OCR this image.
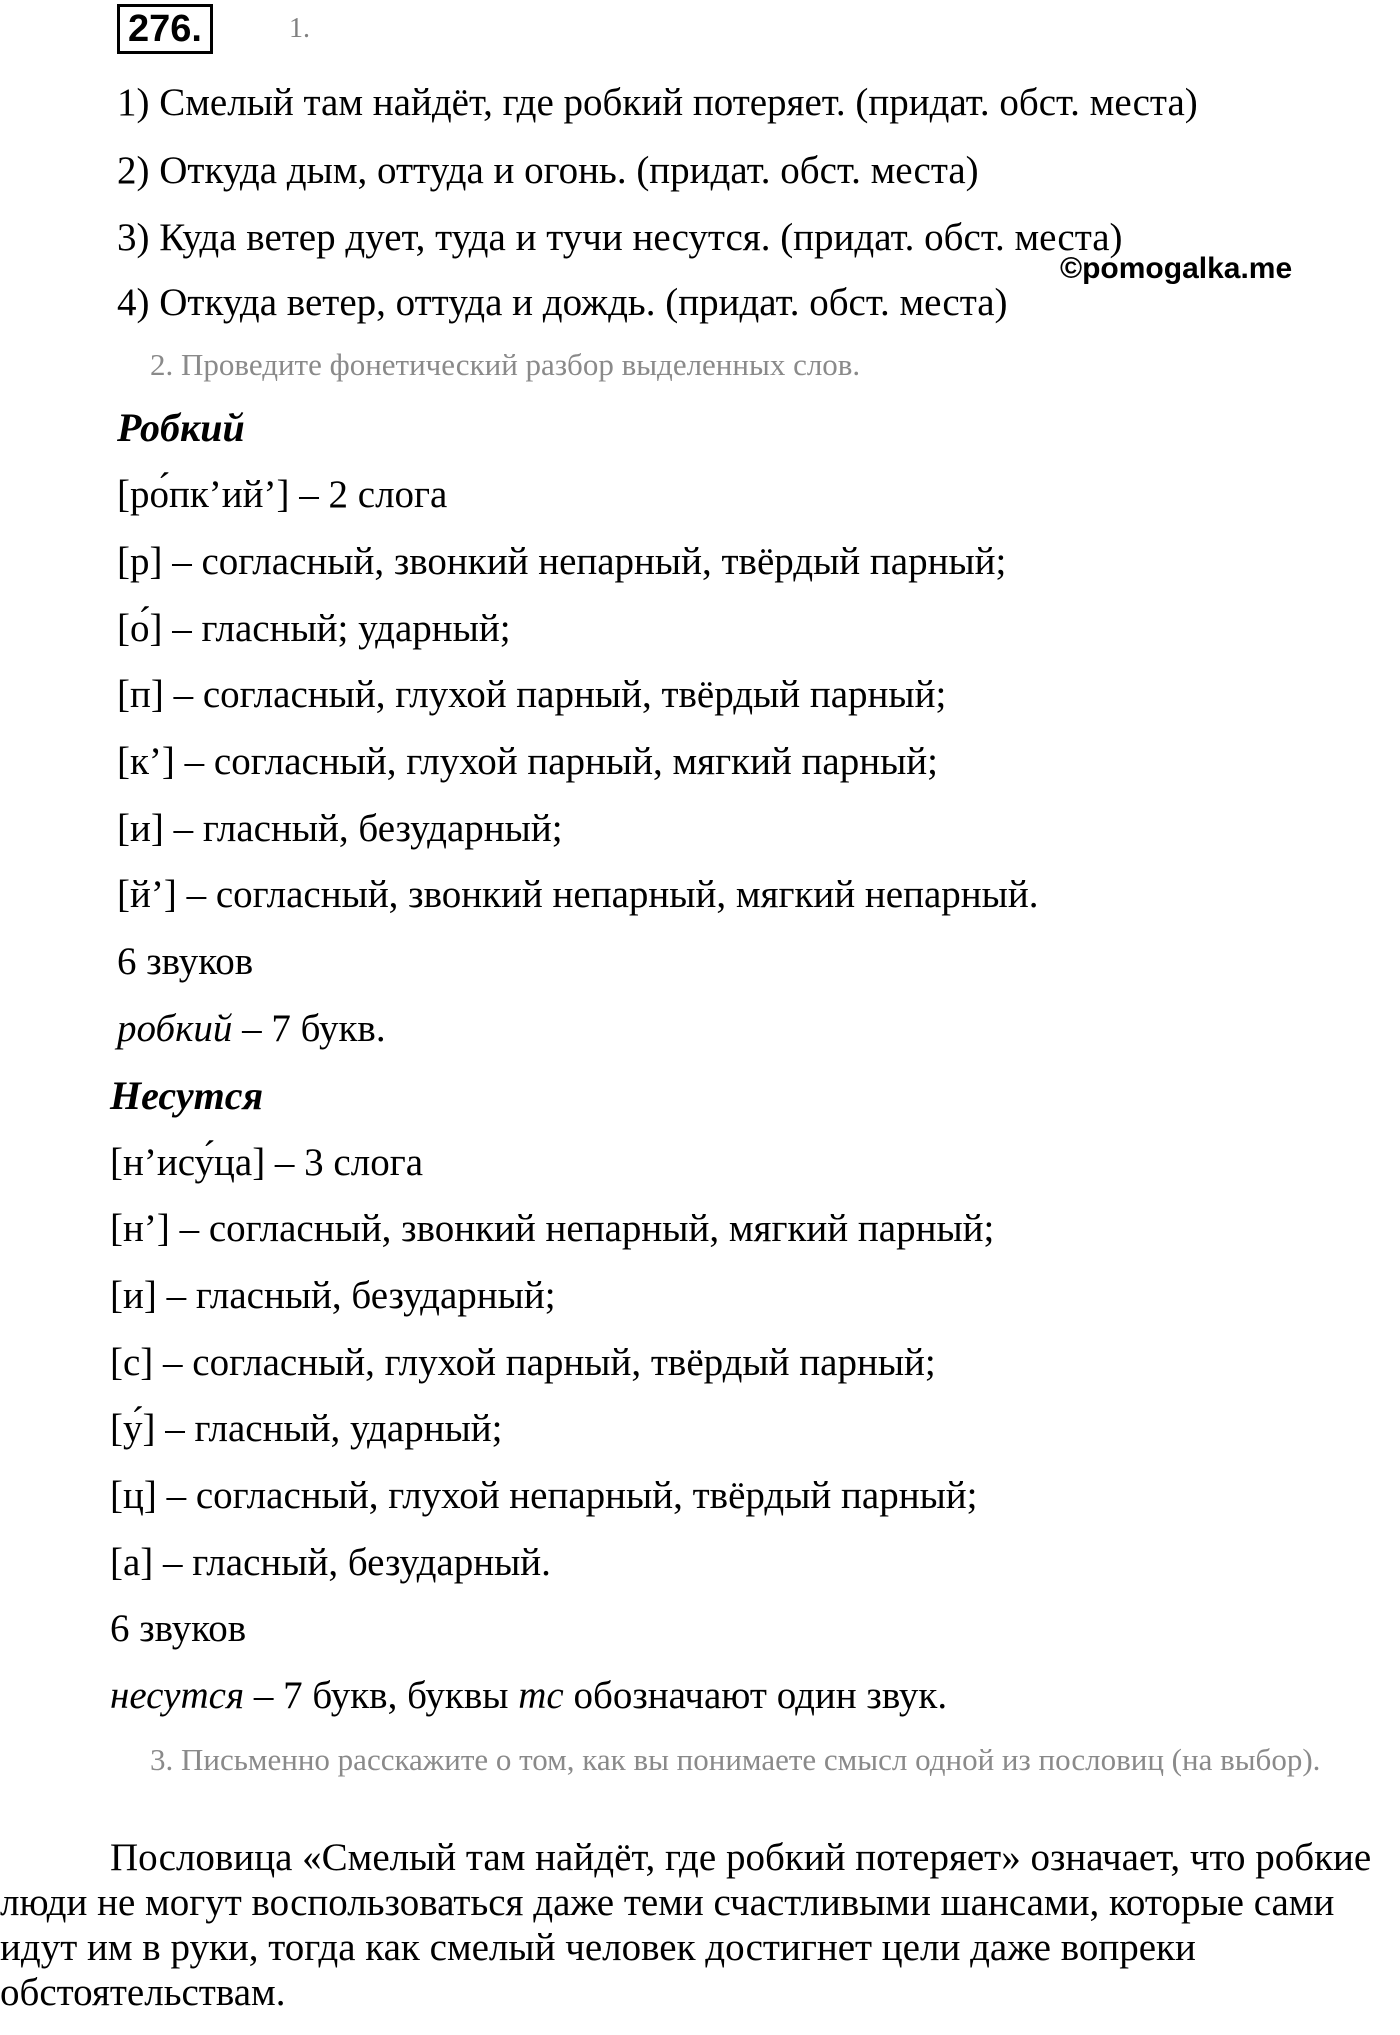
276.	1.
1) Смелый там найдёт, где робкий потеряет. (придат. обст. места)
2) Откуда дым, оттуда и огонь. (придат. обст. места)
3) Куда ветер дует, туда и тучи несутся. (придат. обст. места)
©pomogalka.me
4) Откуда ветер, оттуда и дождь. (придат. обст. места)
2. Проведите фонетический разбор выделенных слов.
Робкий
[ро́пк’ий’] – 2 слога
[р] – согласный, звонкий непарный, твёрдый парный;
[о́] – гласный; ударный;
[п] – согласный, глухой парный, твёрдый парный;
[к’] – согласный, глухой парный, мягкий парный;
[и] – гласный, безударный;
[й’] – согласный, звонкий непарный, мягкий непарный.
6 звуков
робкий – 7 букв.
Несутся
[н’ису́ца] – 3 слога
[н’] – согласный, звонкий непарный, мягкий парный;
[и] – гласный, безударный;
[с] – согласный, глухой парный, твёрдый парный;
[у́] – гласный, ударный;
[ц] – согласный, глухой непарный, твёрдый парный;
[а] – гласный, безударный.
6 звуков
несутся – 7 букв, буквы тс обозначают один звук.
3. Письменно расскажите о том, как вы понимаете смысл одной из пословиц (на выбор).
Пословица «Смелый там найдёт, где робкий потеряет» означает, что робкие люди не могут воспользоваться даже теми счастливыми шансами, которые сами идут им в руки, тогда как смелый человек достигнет цели даже вопреки обстоятельствам.
